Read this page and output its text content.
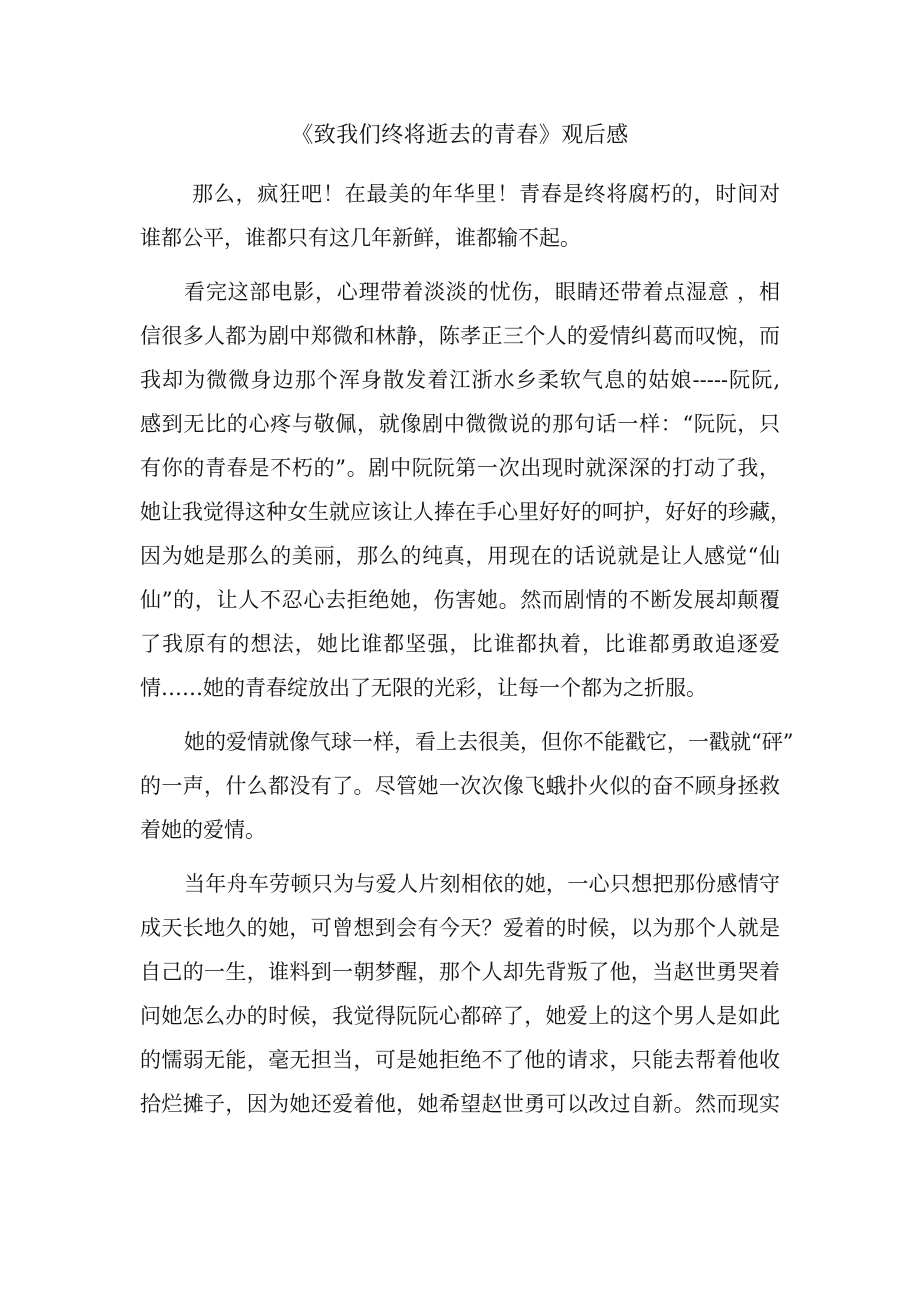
《致我们终将逝去的青春》观后感
那么，疯狂吧！在最美的年华里！青春是终将腐朽的，时间对
谁都公平，谁都只有这几年新鲜，谁都输不起。
看完这部电影，心理带着淡淡的忧伤，眼睛还带着点湿意 ，相
信很多人都为剧中郑微和林静，陈孝正三个人的爱情纠葛而叹惋，而
我却为微微身边那个浑身散发着江浙水乡柔软气息的姑娘-----阮阮,
感到无比的心疼与敬佩，就像剧中微微说的那句话一样：“阮阮，只
有你的青春是不朽的”。剧中阮阮第一次出现时就深深的打动了我，
她让我觉得这种女生就应该让人捧在手心里好好的呵护，好好的珍藏，
因为她是那么的美丽，那么的纯真，用现在的话说就是让人感觉“仙
仙”的，让人不忍心去拒绝她，伤害她。然而剧情的不断发展却颠覆
了我原有的想法，她比谁都坚强，比谁都执着，比谁都勇敢追逐爱
情……她的青春绽放出了无限的光彩，让每一个都为之折服。
她的爱情就像气球一样，看上去很美，但你不能戳它，一戳就“砰”
的一声，什么都没有了。尽管她一次次像飞蛾扑火似的奋不顾身拯救
着她的爱情。
当年舟车劳顿只为与爱人片刻相依的她，一心只想把那份感情守
成天长地久的她，可曾想到会有今天？爱着的时候，以为那个人就是
自己的一生，谁料到一朝梦醒，那个人却先背叛了他，当赵世勇哭着
问她怎么办的时候，我觉得阮阮心都碎了，她爱上的这个男人是如此
的懦弱无能，毫无担当，可是她拒绝不了他的请求，只能去帮着他收
拾烂摊子，因为她还爱着他，她希望赵世勇可以改过自新。然而现实
